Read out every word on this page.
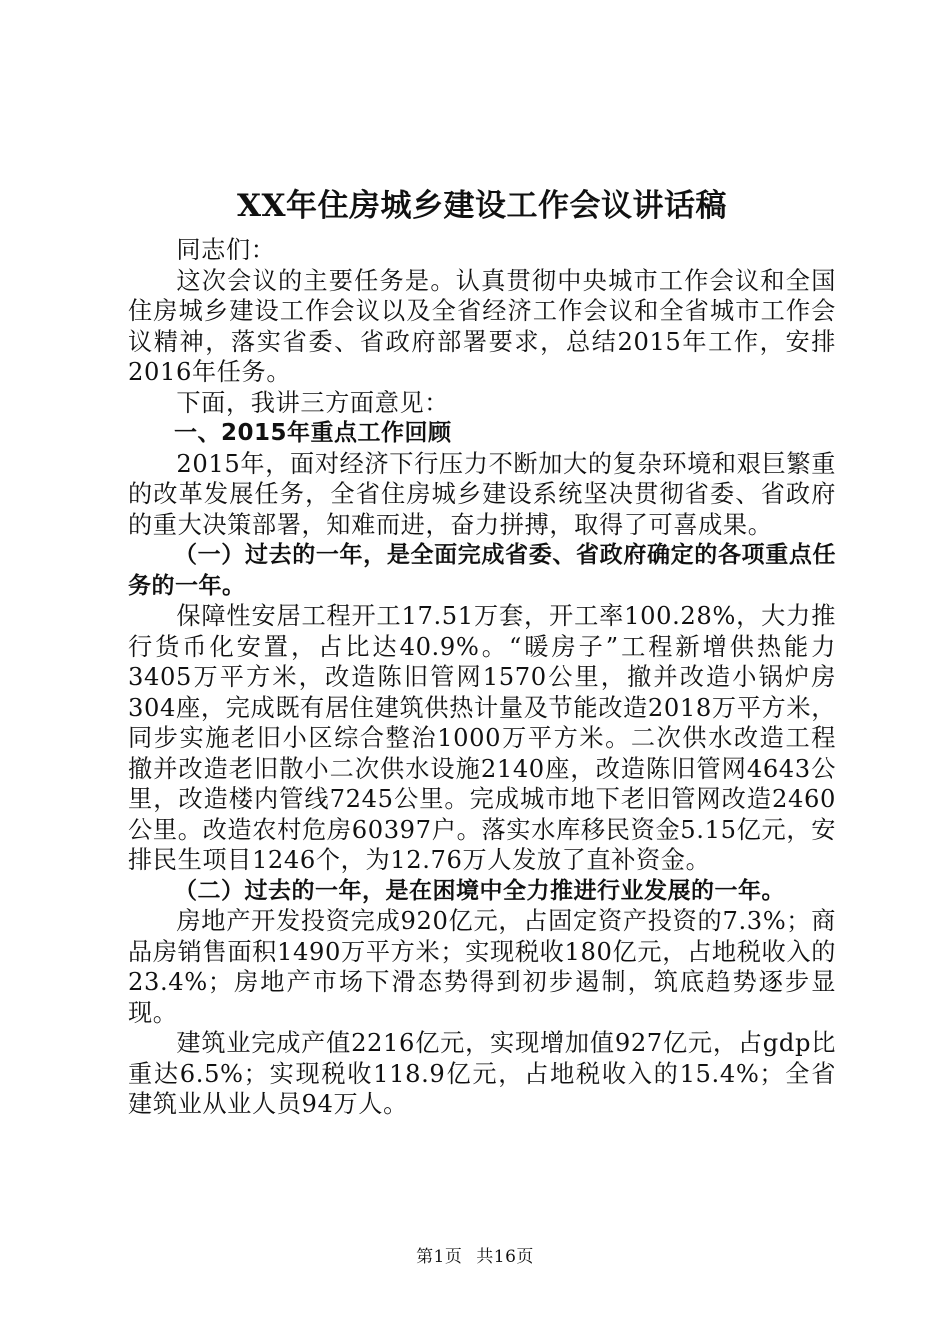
XX年住房城乡建设工作会议讲话稿

同志们：

这次会议的主要任务是。认真贯彻中央城市工作会议和全国住房城乡建设工作会议以及全省经济工作会议和全省城市工作会议精神，落实省委、省政府部署要求，总结2015年工作，安排2016年任务。

下面，我讲三方面意见：

一、2015年重点工作回顾

2015年，面对经济下行压力不断加大的复杂环境和艰巨繁重的改革发展任务，全省住房城乡建设系统坚决贯彻省委、省政府的重大决策部署，知难而进，奋力拼搏，取得了可喜成果。

（一）过去的一年，是全面完成省委、省政府确定的各项重点任务的一年。

保障性安居工程开工17.51万套，开工率100.28%，大力推行货币化安置，占比达40.9%。“暖房子”工程新增供热能力3405万平方米，改造陈旧管网1570公里，撤并改造小锅炉房304座，完成既有居住建筑供热计量及节能改造2018万平方米，同步实施老旧小区综合整治1000万平方米。二次供水改造工程撤并改造老旧散小二次供水设施2140座，改造陈旧管网4643公里，改造楼内管线7245公里。完成城市地下老旧管网改造2460公里。改造农村危房60397户。落实水库移民资金5.15亿元，安排民生项目1246个，为12.76万人发放了直补资金。

（二）过去的一年，是在困境中全力推进行业发展的一年。

房地产开发投资完成920亿元，占固定资产投资的7.3%；商品房销售面积1490万平方米；实现税收180亿元，占地税收入的23.4%；房地产市场下滑态势得到初步遏制，筑底趋势逐步显现。

建筑业完成产值2216亿元，实现增加值927亿元，占gdp比重达6.5%；实现税收118.9亿元，占地税收入的15.4%；全省建筑业从业人员94万人。

第1页 共16页
